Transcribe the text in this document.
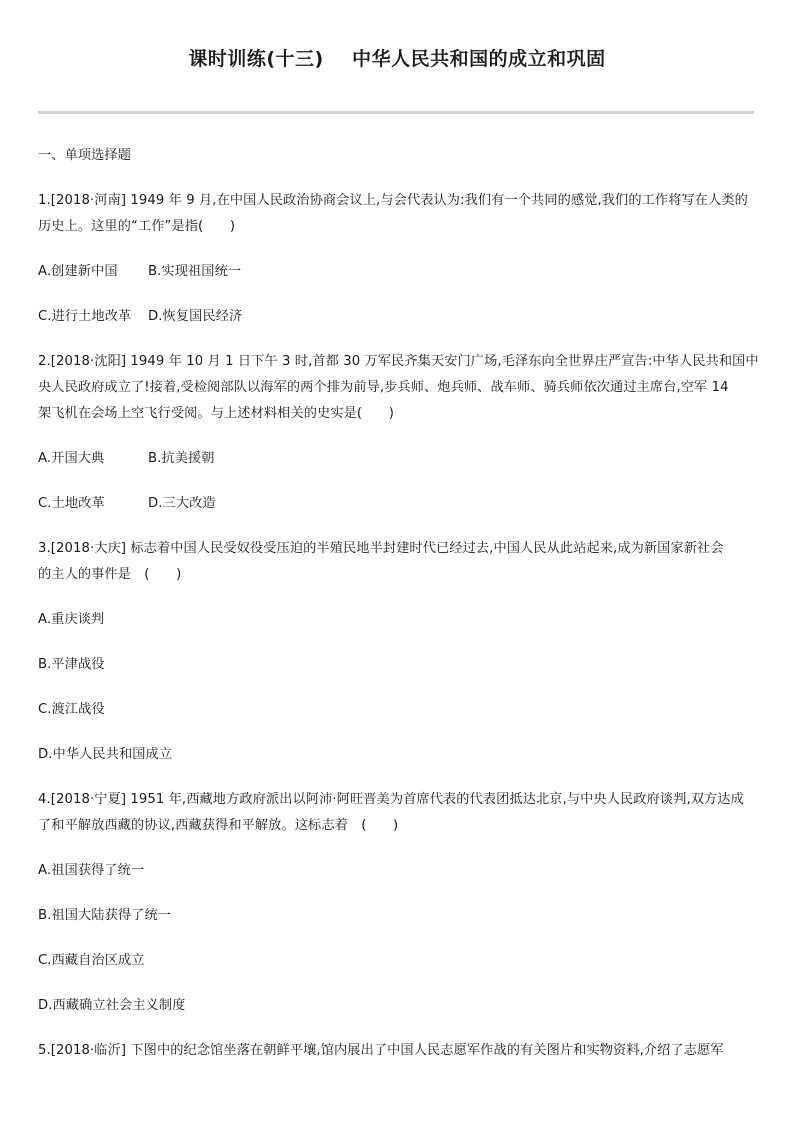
课时训练(十三)    中华人民共和国的成立和巩固
一、单项选择题
1.[2018·河南] 1949 年 9 月,在中国人民政治协商会议上,与会代表认为:我们有一个共同的感觉,我们的工作将写在人类的
历史上。这里的“工作”是指(　　)
A.创建新中国 B.实现祖国统一
C.进行土地改革 D.恢复国民经济
2.[2018·沈阳] 1949 年 10 月 1 日下午 3 时,首都 30 万军民齐集天安门广场,毛泽东向全世界庄严宣告:中华人民共和国中
央人民政府成立了!接着,受检阅部队以海军的两个排为前导,步兵师、炮兵师、战车师、骑兵师依次通过主席台,空军 14
架飞机在会场上空飞行受阅。与上述材料相关的史实是(　　)
A.开国大典	B.抗美援朝
C.土地改革	D.三大改造
3.[2018·大庆] 标志着中国人民受奴役受压迫的半殖民地半封建时代已经过去,中国人民从此站起来,成为新国家新社会
的主人的事件是　(　　)
A.重庆谈判
B.平津战役
C.渡江战役
D.中华人民共和国成立
4.[2018·宁夏] 1951 年,西藏地方政府派出以阿沛·阿旺晋美为首席代表的代表团抵达北京,与中央人民政府谈判,双方达成
了和平解放西藏的协议,西藏获得和平解放。这标志着　(　　)
A.祖国获得了统一
B.祖国大陆获得了统一
C.西藏自治区成立
D.西藏确立社会主义制度
5.[2018·临沂] 下图中的纪念馆坐落在朝鲜平壤,馆内展出了中国人民志愿军作战的有关图片和实物资料,介绍了志愿军
